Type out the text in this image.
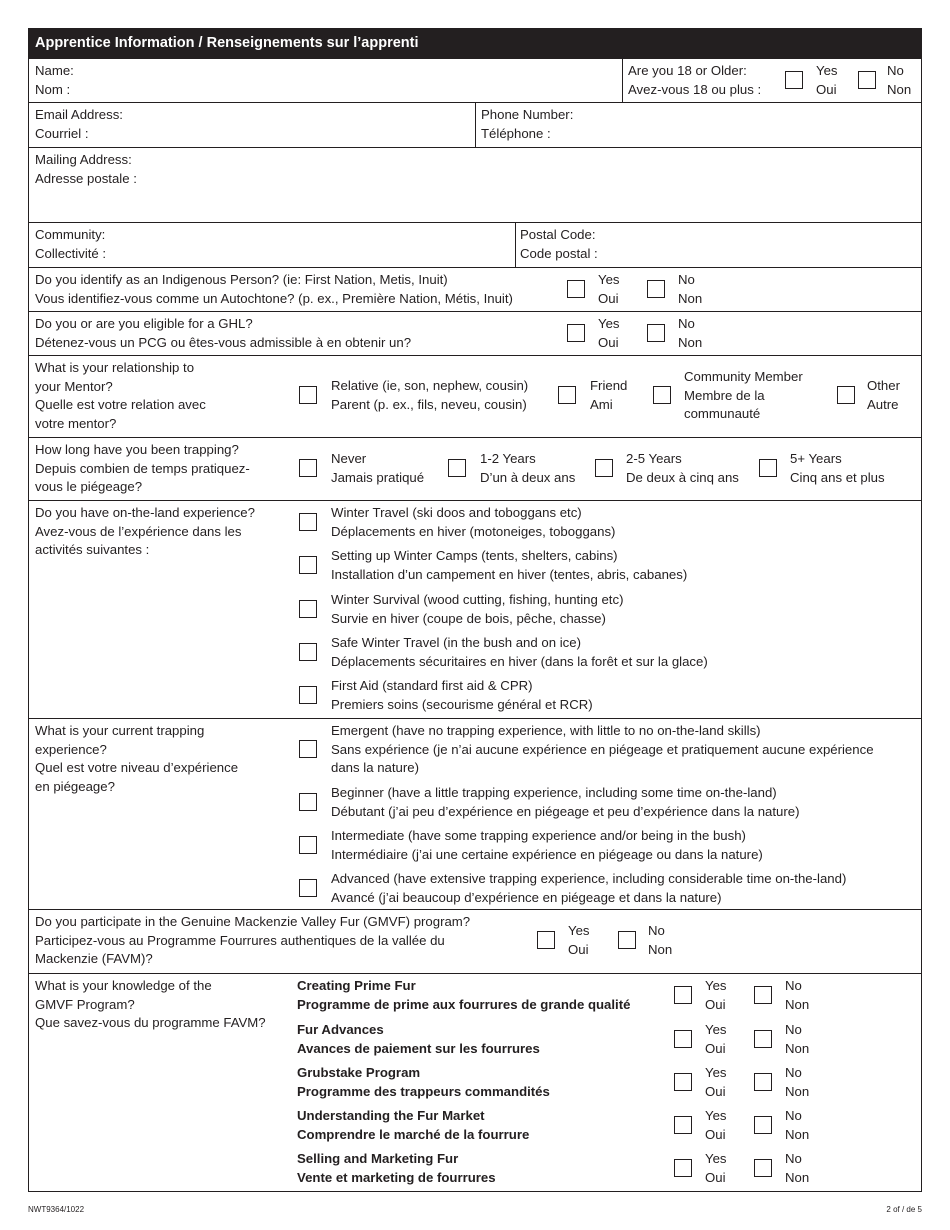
Apprentice Information / Renseignements sur l’apprenti
Name:
Nom :
Are you 18 or Older:
Avez-vous 18 ou plus :
Yes
Oui
No
Non
Email Address:
Courriel :
Phone Number:
Téléphone :
Mailing Address:
Adresse postale :
Community:
Collectivité :
Postal Code:
Code postal :
Do you identify as an Indigenous Person? (ie: First Nation, Metis, Inuit)
Vous identifiez-vous comme un Autochtone? (p. ex., Première Nation, Métis, Inuit)
Yes
Oui
No
Non
Do you or are you eligible for a GHL?
Détenez-vous un PCG ou êtes-vous admissible à en obtenir un?
Yes
Oui
No
Non
What is your relationship to
your Mentor?
Quelle est votre relation avec
votre mentor?
Relative (ie, son, nephew, cousin)
Parent (p. ex., fils, neveu, cousin)
Friend
Ami
Community Member
Membre de la
communauté
Other
Autre
How long have you been trapping?
Depuis combien de temps pratiquez-
vous le piégeage?
Never
Jamais pratiqué
1-2 Years
D’un à deux ans
2-5 Years
De deux à cinq ans
5+ Years
Cinq ans et plus
Do you have on-the-land experience?
Avez-vous de l’expérience dans les
activités suivantes :
Winter Travel (ski doos and toboggans etc)
Déplacements en hiver (motoneiges, toboggans)
Setting up Winter Camps (tents, shelters, cabins)
Installation d’un campement en hiver (tentes, abris, cabanes)
Winter Survival (wood cutting, fishing, hunting etc)
Survie en hiver (coupe de bois, pêche, chasse)
Safe Winter Travel (in the bush and on ice)
Déplacements sécuritaires en hiver (dans la forêt et sur la glace)
First Aid (standard first aid & CPR)
Premiers soins (secourisme général et RCR)
What is your current trapping
experience?
Quel est votre niveau d’expérience
en piégeage?
Emergent (have no trapping experience, with little to no on-the-land skills)
Sans expérience (je n’ai aucune expérience en piégeage et pratiquement aucune expérience
dans la nature)
Beginner (have a little trapping experience, including some time on-the-land)
Débutant (j’ai peu d’expérience en piégeage et peu d’expérience dans la nature)
Intermediate (have some trapping experience and/or being in the bush)
Intermédiaire (j’ai une certaine expérience en piégeage ou dans la nature)
Advanced (have extensive trapping experience, including considerable time on-the-land)
Avancé (j’ai beaucoup d’expérience en piégeage et dans la nature)
Do you participate in the Genuine Mackenzie Valley Fur (GMVF) program?
Participez-vous au Programme Fourrures authentiques de la vallée du
Mackenzie (FAVM)?
Yes
Oui
No
Non
What is your knowledge of the
GMVF Program?
Que savez-vous du programme FAVM?
Creating Prime Fur
Programme de prime aux fourrures de grande qualité
Yes
Oui
No
Non
Fur Advances
Avances de paiement sur les fourrures
Yes
Oui
No
Non
Grubstake Program
Programme des trappeurs commandités
Yes
Oui
No
Non
Understanding the Fur Market
Comprendre le marché de la fourrure
Yes
Oui
No
Non
Selling and Marketing Fur
Vente et marketing de fourrures
Yes
Oui
No
Non
NWT9364/1022	2 of / de 5
